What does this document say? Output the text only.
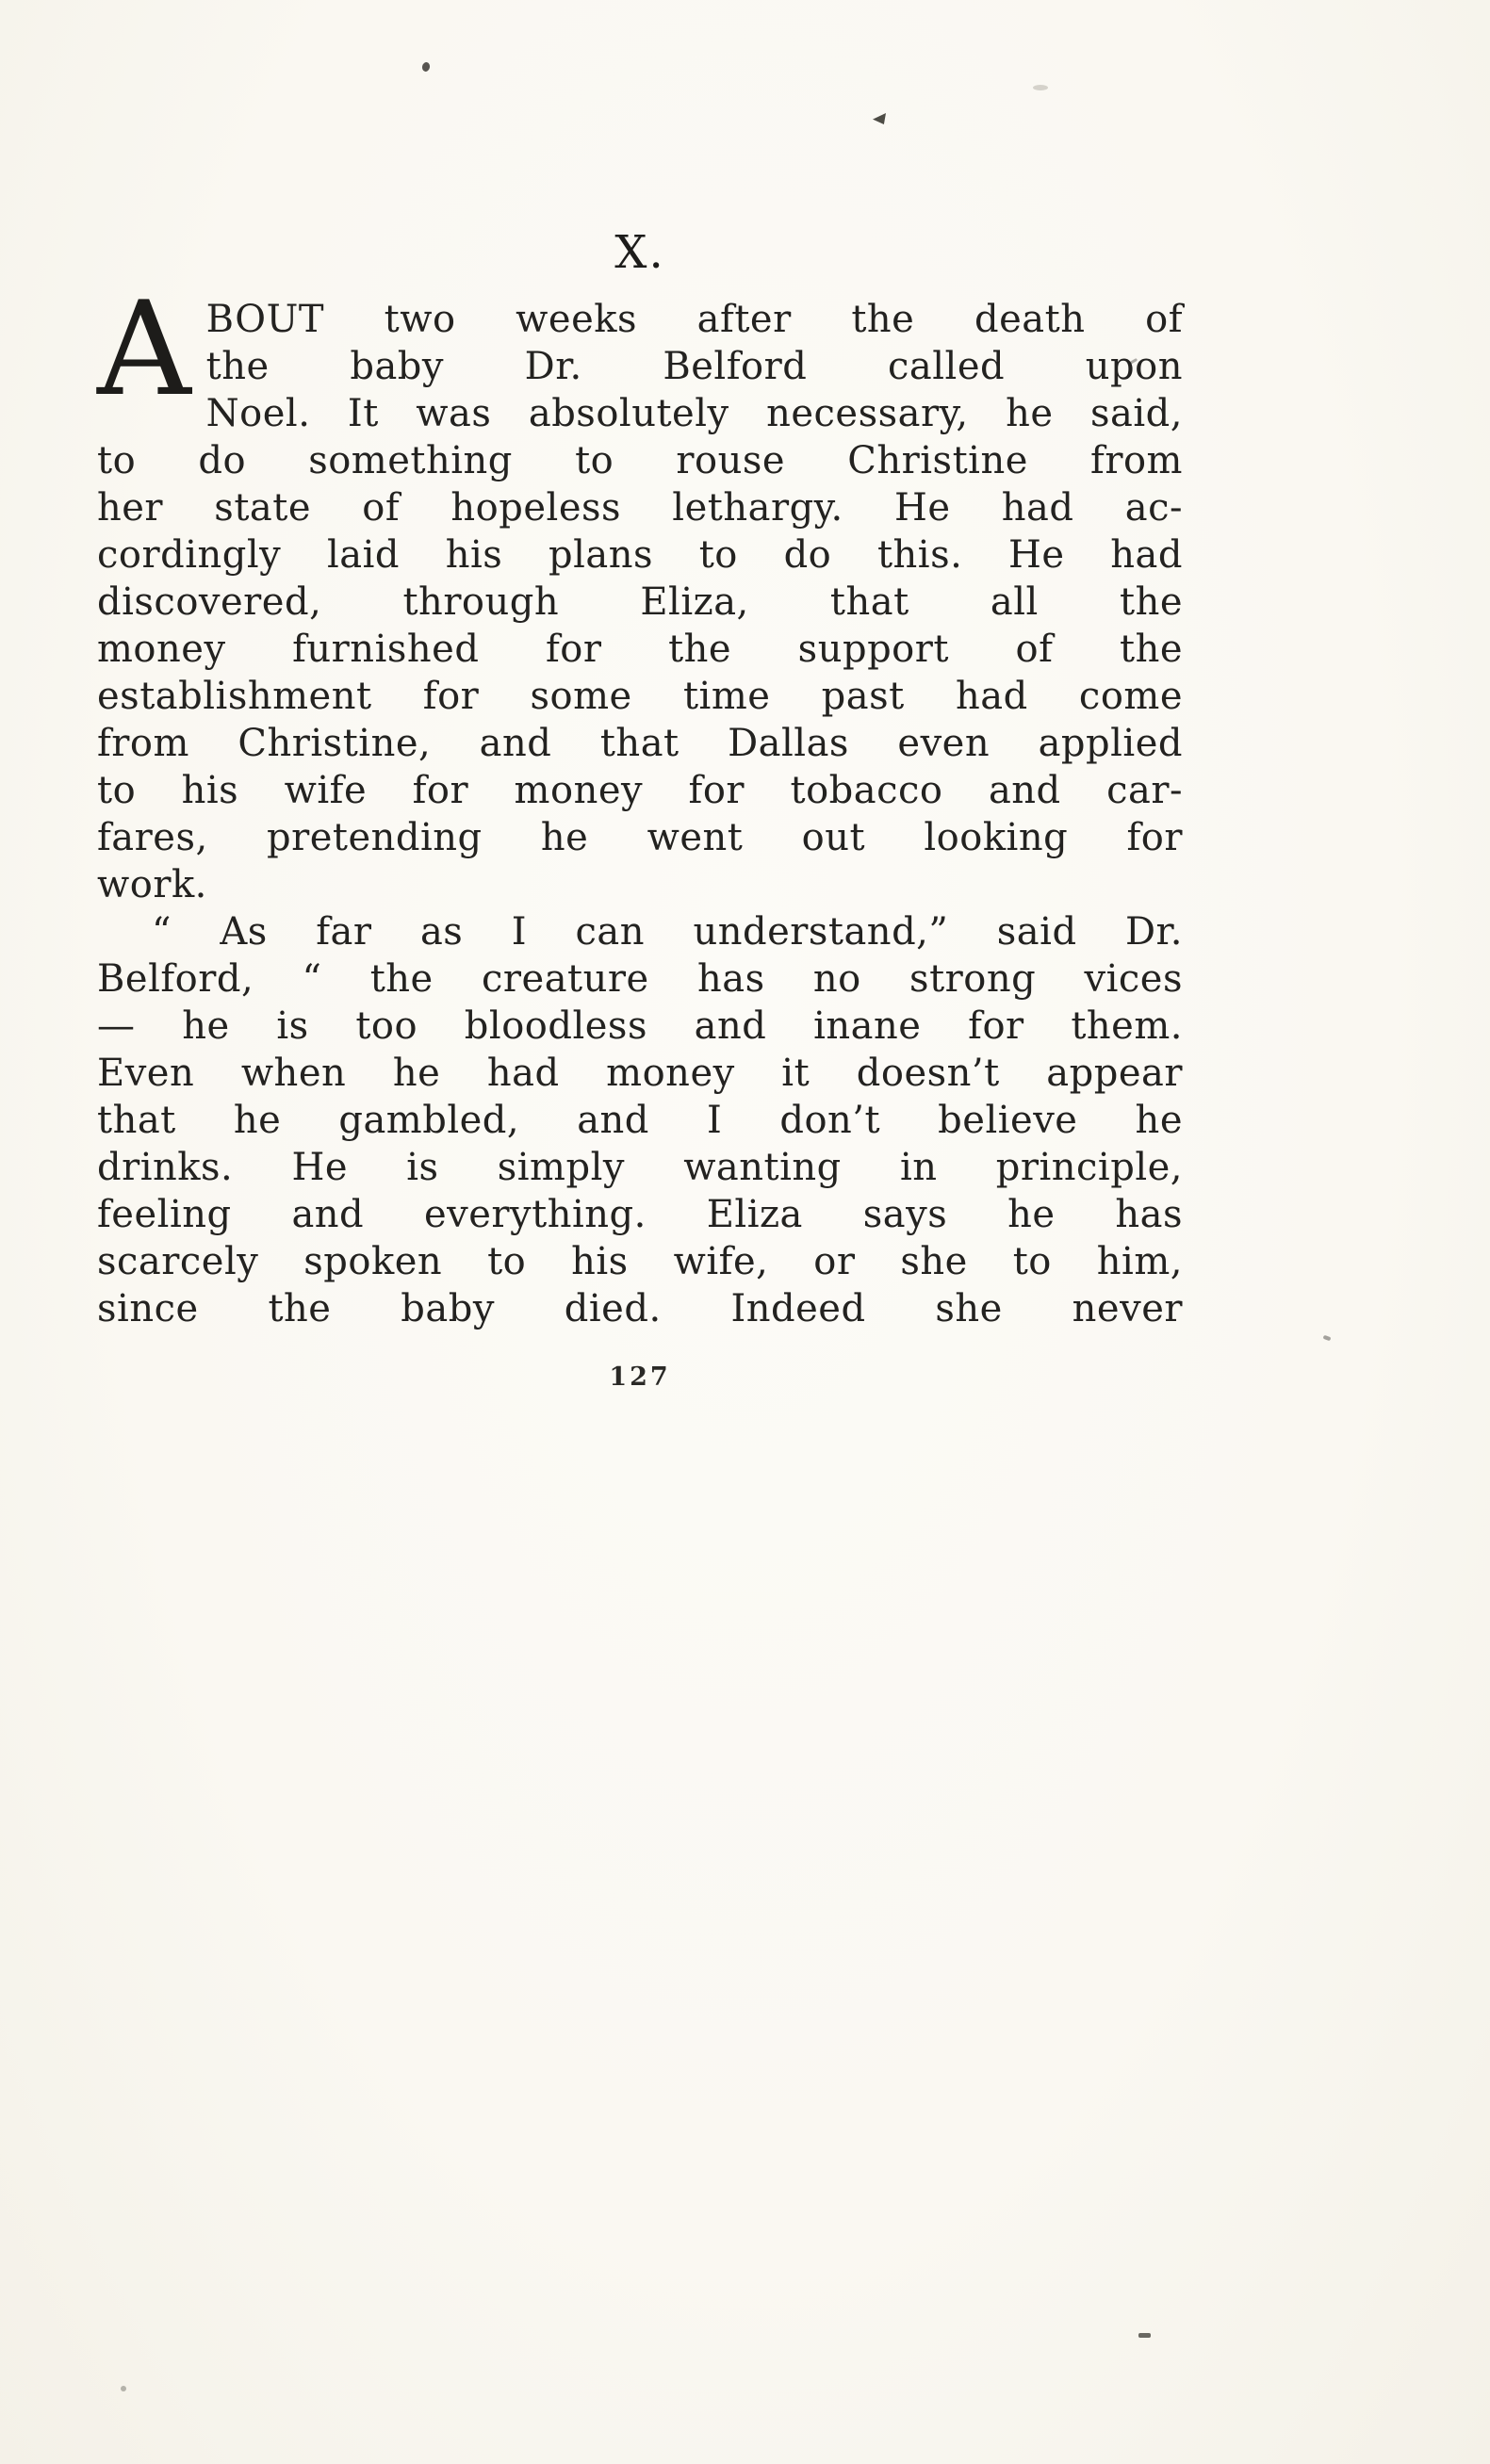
X.
A BOUT two weeks after the death of
the baby Dr. Belford called upon
Noel. It was absolutely necessary, he said,
to do something to rouse Christine from
her state of hopeless lethargy. He had ac-
cordingly laid his plans to do this. He had
discovered, through Eliza, that all the
money furnished for the support of the
establishment for some time past had come
from Christine, and that Dallas even applied
to his wife for money for tobacco and car-
fares, pretending he went out looking for
work.
“ As far as I can understand,” said Dr.
Belford, “ the creature has no strong vices
— he is too bloodless and inane for them.
Even when he had money it doesn’t appear
that he gambled, and I don’t believe he
drinks. He is simply wanting in principle,
feeling and everything. Eliza says he has
scarcely spoken to his wife, or she to him,
since the baby died. Indeed she never
127
